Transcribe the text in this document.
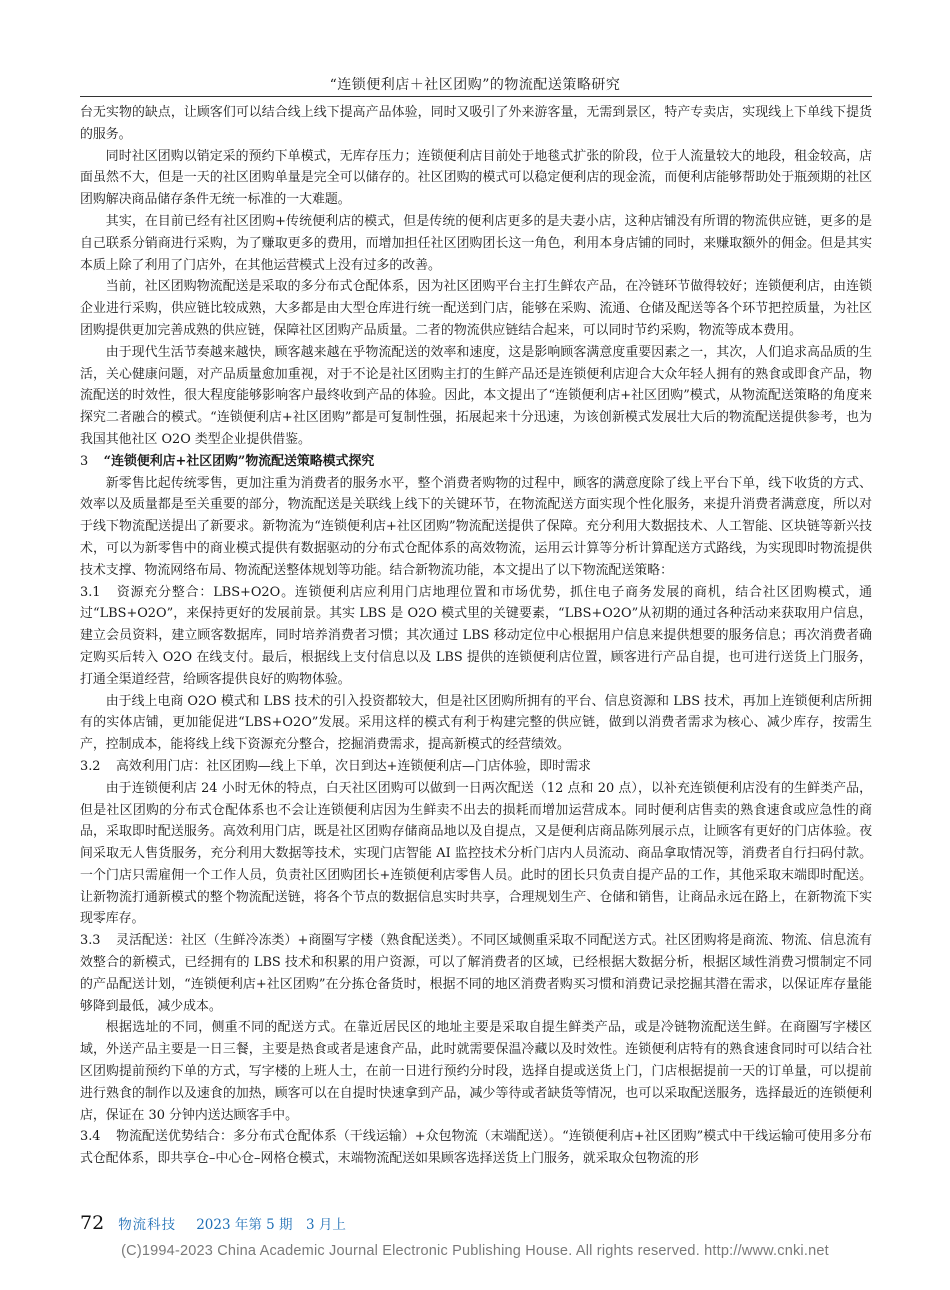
“连锁便利店＋社区团购”的物流配送策略研究

台无实物的缺点，让顾客们可以结合线上线下提高产品体验，同时又吸引了外来游客量，无需到景区，特产专卖店，实现线上下单线下提货的服务。

同时社区团购以销定采的预约下单模式，无库存压力；连锁便利店目前处于地毯式扩张的阶段，位于人流量较大的地段，租金较高，店面虽然不大，但是一天的社区团购单量是完全可以储存的。社区团购的模式可以稳定便利店的现金流，而便利店能够帮助处于瓶颈期的社区团购解决商品储存条件无统一标准的一大难题。

其实，在目前已经有社区团购+传统便利店的模式，但是传统的便利店更多的是夫妻小店，这种店铺没有所谓的物流供应链，更多的是自己联系分销商进行采购，为了赚取更多的费用，而增加担任社区团购团长这一角色，利用本身店铺的同时，来赚取额外的佣金。但是其实本质上除了利用了门店外，在其他运营模式上没有过多的改善。

当前，社区团购物流配送是采取的多分布式仓配体系，因为社区团购平台主打生鲜农产品，在冷链环节做得较好；连锁便利店，由连锁企业进行采购，供应链比较成熟，大多都是由大型仓库进行统一配送到门店，能够在采购、流通、仓储及配送等各个环节把控质量，为社区团购提供更加完善成熟的供应链，保障社区团购产品质量。二者的物流供应链结合起来，可以同时节约采购，物流等成本费用。

由于现代生活节奏越来越快，顾客越来越在乎物流配送的效率和速度，这是影响顾客满意度重要因素之一，其次，人们追求高品质的生活，关心健康问题，对产品质量愈加重视，对于不论是社区团购主打的生鲜产品还是连锁便利店迎合大众年轻人拥有的熟食或即食产品，物流配送的时效性，很大程度能够影响客户最终收到产品的体验。因此，本文提出了“连锁便利店+社区团购”模式，从物流配送策略的角度来探究二者融合的模式。“连锁便利店+社区团购”都是可复制性强，拓展起来十分迅速，为该创新模式发展壮大后的物流配送提供参考，也为我国其他社区 O2O 类型企业提供借鉴。

3 “连锁便利店+社区团购”物流配送策略模式探究

新零售比起传统零售，更加注重为消费者的服务水平，整个消费者购物的过程中，顾客的满意度除了线上平台下单，线下收货的方式、效率以及质量都是至关重要的部分，物流配送是关联线上线下的关键环节，在物流配送方面实现个性化服务，来提升消费者满意度，所以对于线下物流配送提出了新要求。新物流为“连锁便利店+社区团购”物流配送提供了保障。充分利用大数据技术、人工智能、区块链等新兴技术，可以为新零售中的商业模式提供有数据驱动的分布式仓配体系的高效物流，运用云计算等分析计算配送方式路线，为实现即时物流提供技术支撑、物流网络布局、物流配送整体规划等功能。结合新物流功能，本文提出了以下物流配送策略：

3.1 资源充分整合：LBS+O2O。连锁便利店应利用门店地理位置和市场优势，抓住电子商务发展的商机，结合社区团购模式，通过“LBS+O2O”，来保持更好的发展前景。其实 LBS 是 O2O 模式里的关键要素，“LBS+O2O”从初期的通过各种活动来获取用户信息，建立会员资料，建立顾客数据库，同时培养消费者习惯；其次通过 LBS 移动定位中心根据用户信息来提供想要的服务信息；再次消费者确定购买后转入 O2O 在线支付。最后，根据线上支付信息以及 LBS 提供的连锁便利店位置，顾客进行产品自提，也可进行送货上门服务，打通全渠道经营，给顾客提供良好的购物体验。

由于线上电商 O2O 模式和 LBS 技术的引入投资都较大，但是社区团购所拥有的平台、信息资源和 LBS 技术，再加上连锁便利店所拥有的实体店铺，更加能促进“LBS+O2O”发展。采用这样的模式有利于构建完整的供应链，做到以消费者需求为核心、减少库存，按需生产，控制成本，能将线上线下资源充分整合，挖掘消费需求，提高新模式的经营绩效。

3.2 高效利用门店：社区团购—线上下单，次日到达+连锁便利店—门店体验，即时需求

由于连锁便利店 24 小时无休的特点，白天社区团购可以做到一日两次配送（12 点和 20 点），以补充连锁便利店没有的生鲜类产品，但是社区团购的分布式仓配体系也不会让连锁便利店因为生鲜卖不出去的损耗而增加运营成本。同时便利店售卖的熟食速食或应急性的商品，采取即时配送服务。高效利用门店，既是社区团购存储商品地以及自提点，又是便利店商品陈列展示点，让顾客有更好的门店体验。夜间采取无人售货服务，充分利用大数据等技术，实现门店智能 AI 监控技术分析门店内人员流动、商品拿取情况等，消费者自行扫码付款。一个门店只需雇佣一个工作人员，负责社区团购团长+连锁便利店零售人员。此时的团长只负责自提产品的工作，其他采取末端即时配送。让新物流打通新模式的整个物流配送链，将各个节点的数据信息实时共享，合理规划生产、仓储和销售，让商品永远在路上，在新物流下实现零库存。

3.3 灵活配送：社区（生鲜冷冻类）+商圈写字楼（熟食配送类）。不同区域侧重采取不同配送方式。社区团购将是商流、物流、信息流有效整合的新模式，已经拥有的 LBS 技术和积累的用户资源，可以了解消费者的区域，已经根据大数据分析，根据区域性消费习惯制定不同的产品配送计划，“连锁便利店+社区团购”在分拣仓备货时，根据不同的地区消费者购买习惯和消费记录挖掘其潜在需求，以保证库存量能够降到最低，减少成本。

根据选址的不同，侧重不同的配送方式。在靠近居民区的地址主要是采取自提生鲜类产品，或是冷链物流配送生鲜。在商圈写字楼区域，外送产品主要是一日三餐，主要是热食或者是速食产品，此时就需要保温冷藏以及时效性。连锁便利店特有的熟食速食同时可以结合社区团购提前预约下单的方式，写字楼的上班人士，在前一日进行预约分时段，选择自提或送货上门，门店根据提前一天的订单量，可以提前进行熟食的制作以及速食的加热，顾客可以在自提时快速拿到产品，减少等待或者缺货等情况，也可以采取配送服务，选择最近的连锁便利店，保证在 30 分钟内送达顾客手中。

3.4 物流配送优势结合：多分布式仓配体系（干线运输）+众包物流（末端配送）。“连锁便利店+社区团购”模式中干线运输可使用多分布式仓配体系，即共享仓–中心仓–网格仓模式，末端物流配送如果顾客选择送货上门服务，就采取众包物流的形

72 物流科技 2023 年第 5 期　3 月上
(C)1994-2023 China Academic Journal Electronic Publishing House. All rights reserved. http://www.cnki.net
